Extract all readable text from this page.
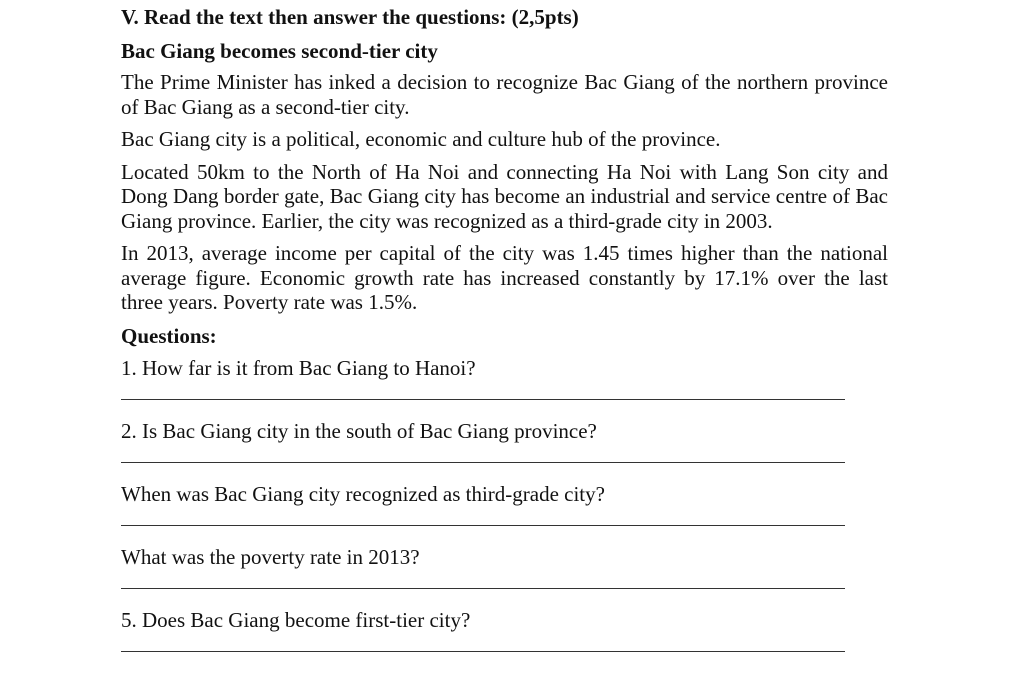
V. Read the text then answer the questions: (2,5pts)
Bac Giang becomes second-tier city

The Prime Minister has inked a decision to recognize Bac Giang of the northern province of Bac Giang as a second-tier city.

Bac Giang city is a political, economic and culture hub of the province.

Located 50km to the North of Ha Noi and connecting Ha Noi with Lang Son city and Dong Dang border gate, Bac Giang city has become an industrial and service centre of Bac Giang province. Earlier, the city was recognized as a third-grade city in 2003.

In 2013, average income per capital of the city was 1.45 times higher than the national average figure. Economic growth rate has increased constantly by 17.1% over the last three years. Poverty rate was 1.5%.

Questions:
1. How far is it from Bac Giang to Hanoi?
2. Is Bac Giang city in the south of Bac Giang province?
When was Bac Giang city recognized as third-grade city?
What was the poverty rate in 2013?
5. Does Bac Giang become first-tier city?
